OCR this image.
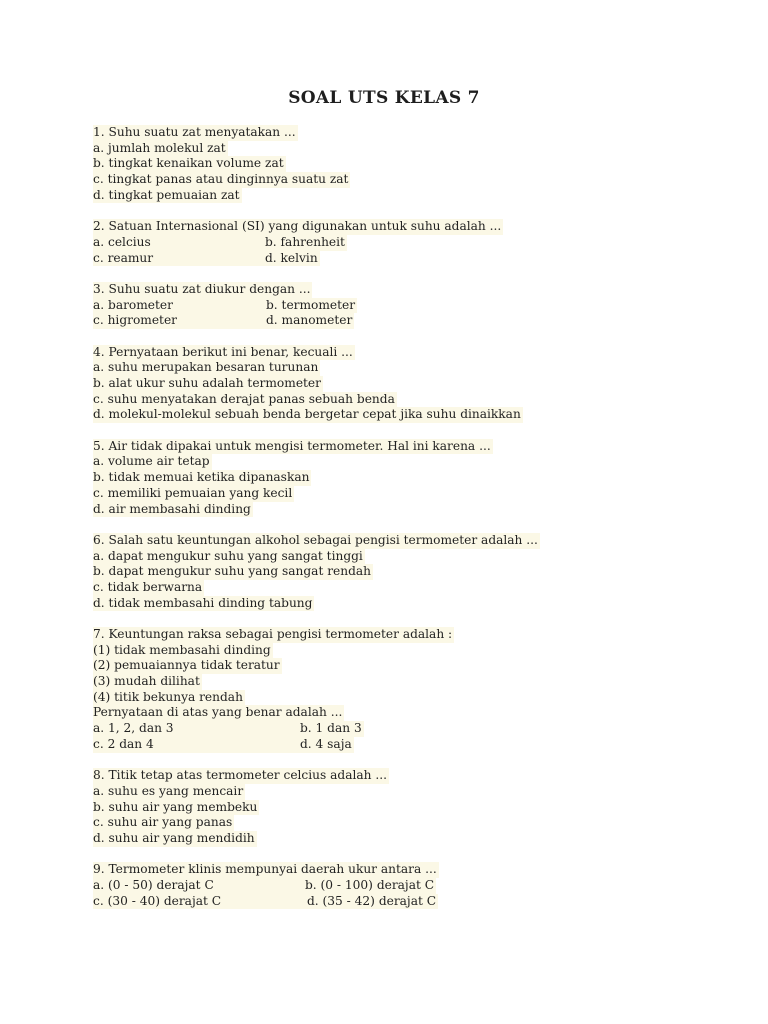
SOAL UTS KELAS 7
1. Suhu suatu zat menyatakan ...
a. jumlah molekul zat
b. tingkat kenaikan volume zat
c. tingkat panas atau dinginnya suatu zat
d. tingkat pemuaian zat
2. Satuan Internasional (SI) yang digunakan untuk suhu adalah ...
a. celcius	b. fahrenheit
c. reamur	d. kelvin
3. Suhu suatu zat diukur dengan ...
a. barometer	b. termometer
c. higrometer	d. manometer
4. Pernyataan berikut ini benar, kecuali ...
a. suhu merupakan besaran turunan
b. alat ukur suhu adalah termometer
c. suhu menyatakan derajat panas sebuah benda
d. molekul-molekul sebuah benda bergetar cepat jika suhu dinaikkan
5. Air tidak dipakai untuk mengisi termometer. Hal ini karena ...
a. volume air tetap
b. tidak memuai ketika dipanaskan
c. memiliki pemuaian yang kecil
d. air membasahi dinding
6. Salah satu keuntungan alkohol sebagai pengisi termometer adalah ...
a. dapat mengukur suhu yang sangat tinggi
b. dapat mengukur suhu yang sangat rendah
c. tidak berwarna
d. tidak membasahi dinding tabung
7. Keuntungan raksa sebagai pengisi termometer adalah :
(1) tidak membasahi dinding
(2) pemuaiannya tidak teratur
(3) mudah dilihat
(4) titik bekunya rendah
Pernyataan di atas yang benar adalah ...
a. 1, 2, dan 3	b. 1 dan 3
c. 2 dan 4	d. 4 saja
8. Titik tetap atas termometer celcius adalah ...
a. suhu es yang mencair
b. suhu air yang membeku
c. suhu air yang panas
d. suhu air yang mendidih
9. Termometer klinis mempunyai daerah ukur antara ...
a. (0 - 50) derajat C	b. (0 - 100) derajat C
c. (30 - 40) derajat C	d. (35 - 42) derajat C
